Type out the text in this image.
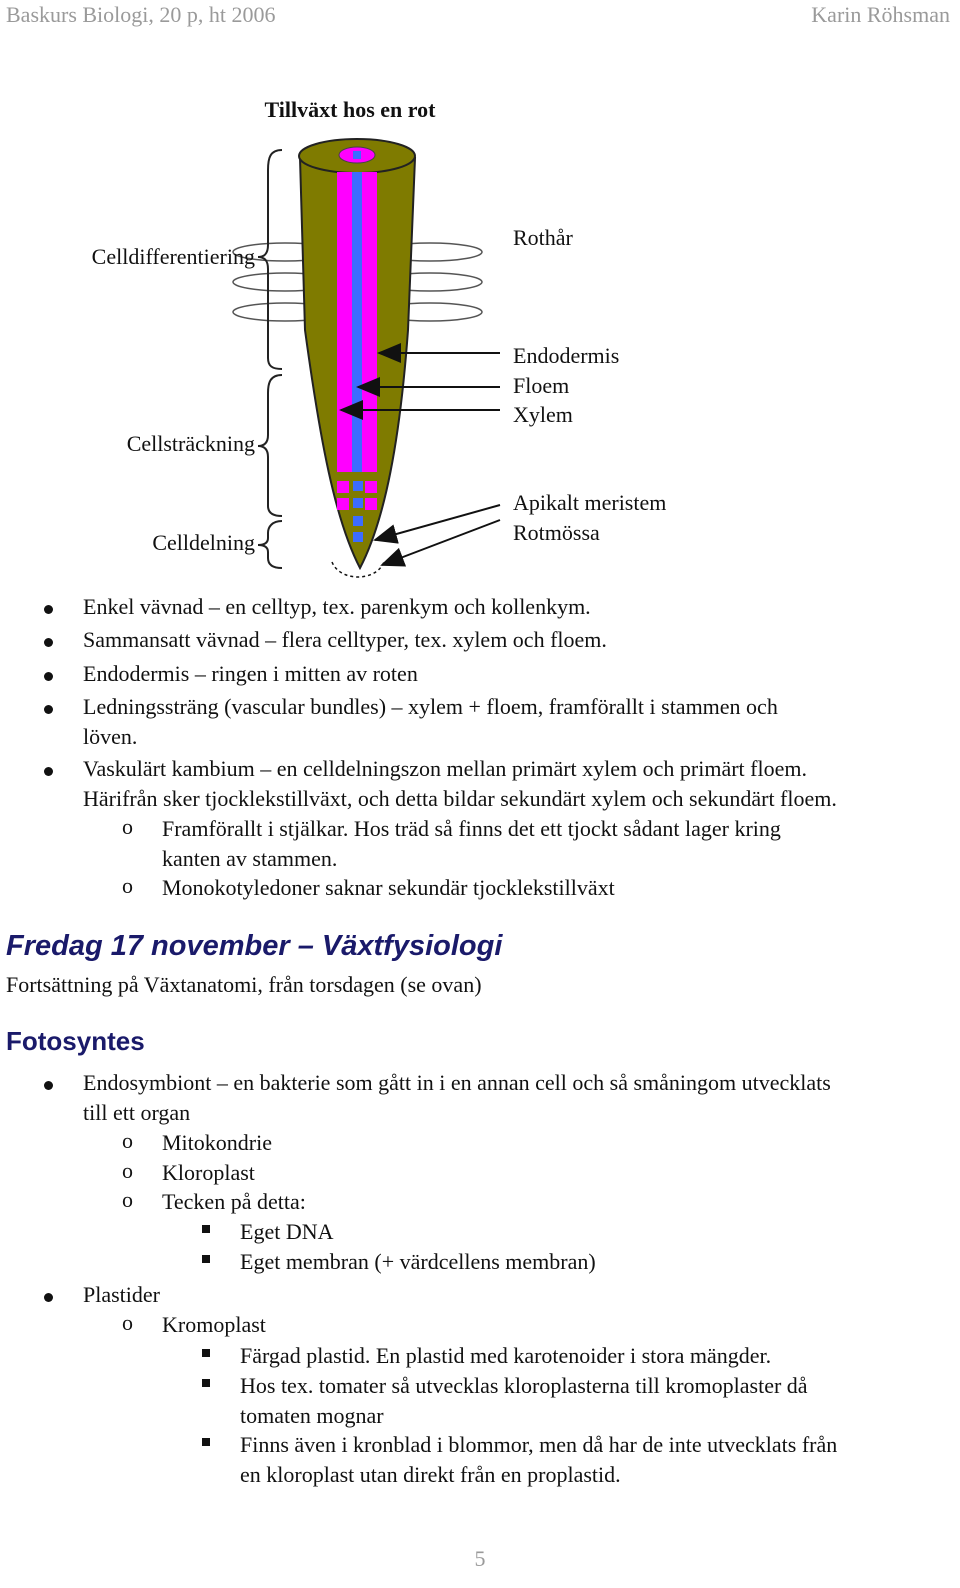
Baskurs Biologi, 20 p, ht 2006	Karin Röhsman
Tillväxt hos en rot
Celldifferentiering
Cellsträckning
Celldelning
Rothår
Endodermis
Floem
Xylem
Apikalt meristem
Rotmössa
Enkel vävnad – en celltyp, tex. parenkym och kollenkym.
Sammansatt vävnad – flera celltyper, tex. xylem och floem.
Endodermis – ringen i mitten av roten
Ledningssträng (vascular bundles) – xylem + floem, framförallt i stammen och
löven.
Vaskulärt kambium – en celldelningszon mellan primärt xylem och primärt floem.
Härifrån sker tjocklekstillväxt, och detta bildar sekundärt xylem och sekundärt floem.
o Framförallt i stjälkar. Hos träd så finns det ett tjockt sådant lager kring
kanten av stammen.
o Monokotyledoner saknar sekundär tjocklekstillväxt
Fredag 17 november – Växtfysiologi
Fortsättning på Växtanatomi, från torsdagen (se ovan)
Fotosyntes
Endosymbiont – en bakterie som gått in i en annan cell och så småningom utvecklats
till ett organ
o Mitokondrie
o Kloroplast
o Tecken på detta:
Eget DNA
Eget membran (+ värdcellens membran)
Plastider
o Kromoplast
Färgad plastid. En plastid med karotenoider i stora mängder.
Hos tex. tomater så utvecklas kloroplasterna till kromoplaster då
tomaten mognar
Finns även i kronblad i blommor, men då har de inte utvecklats från
en kloroplast utan direkt från en proplastid.
5
